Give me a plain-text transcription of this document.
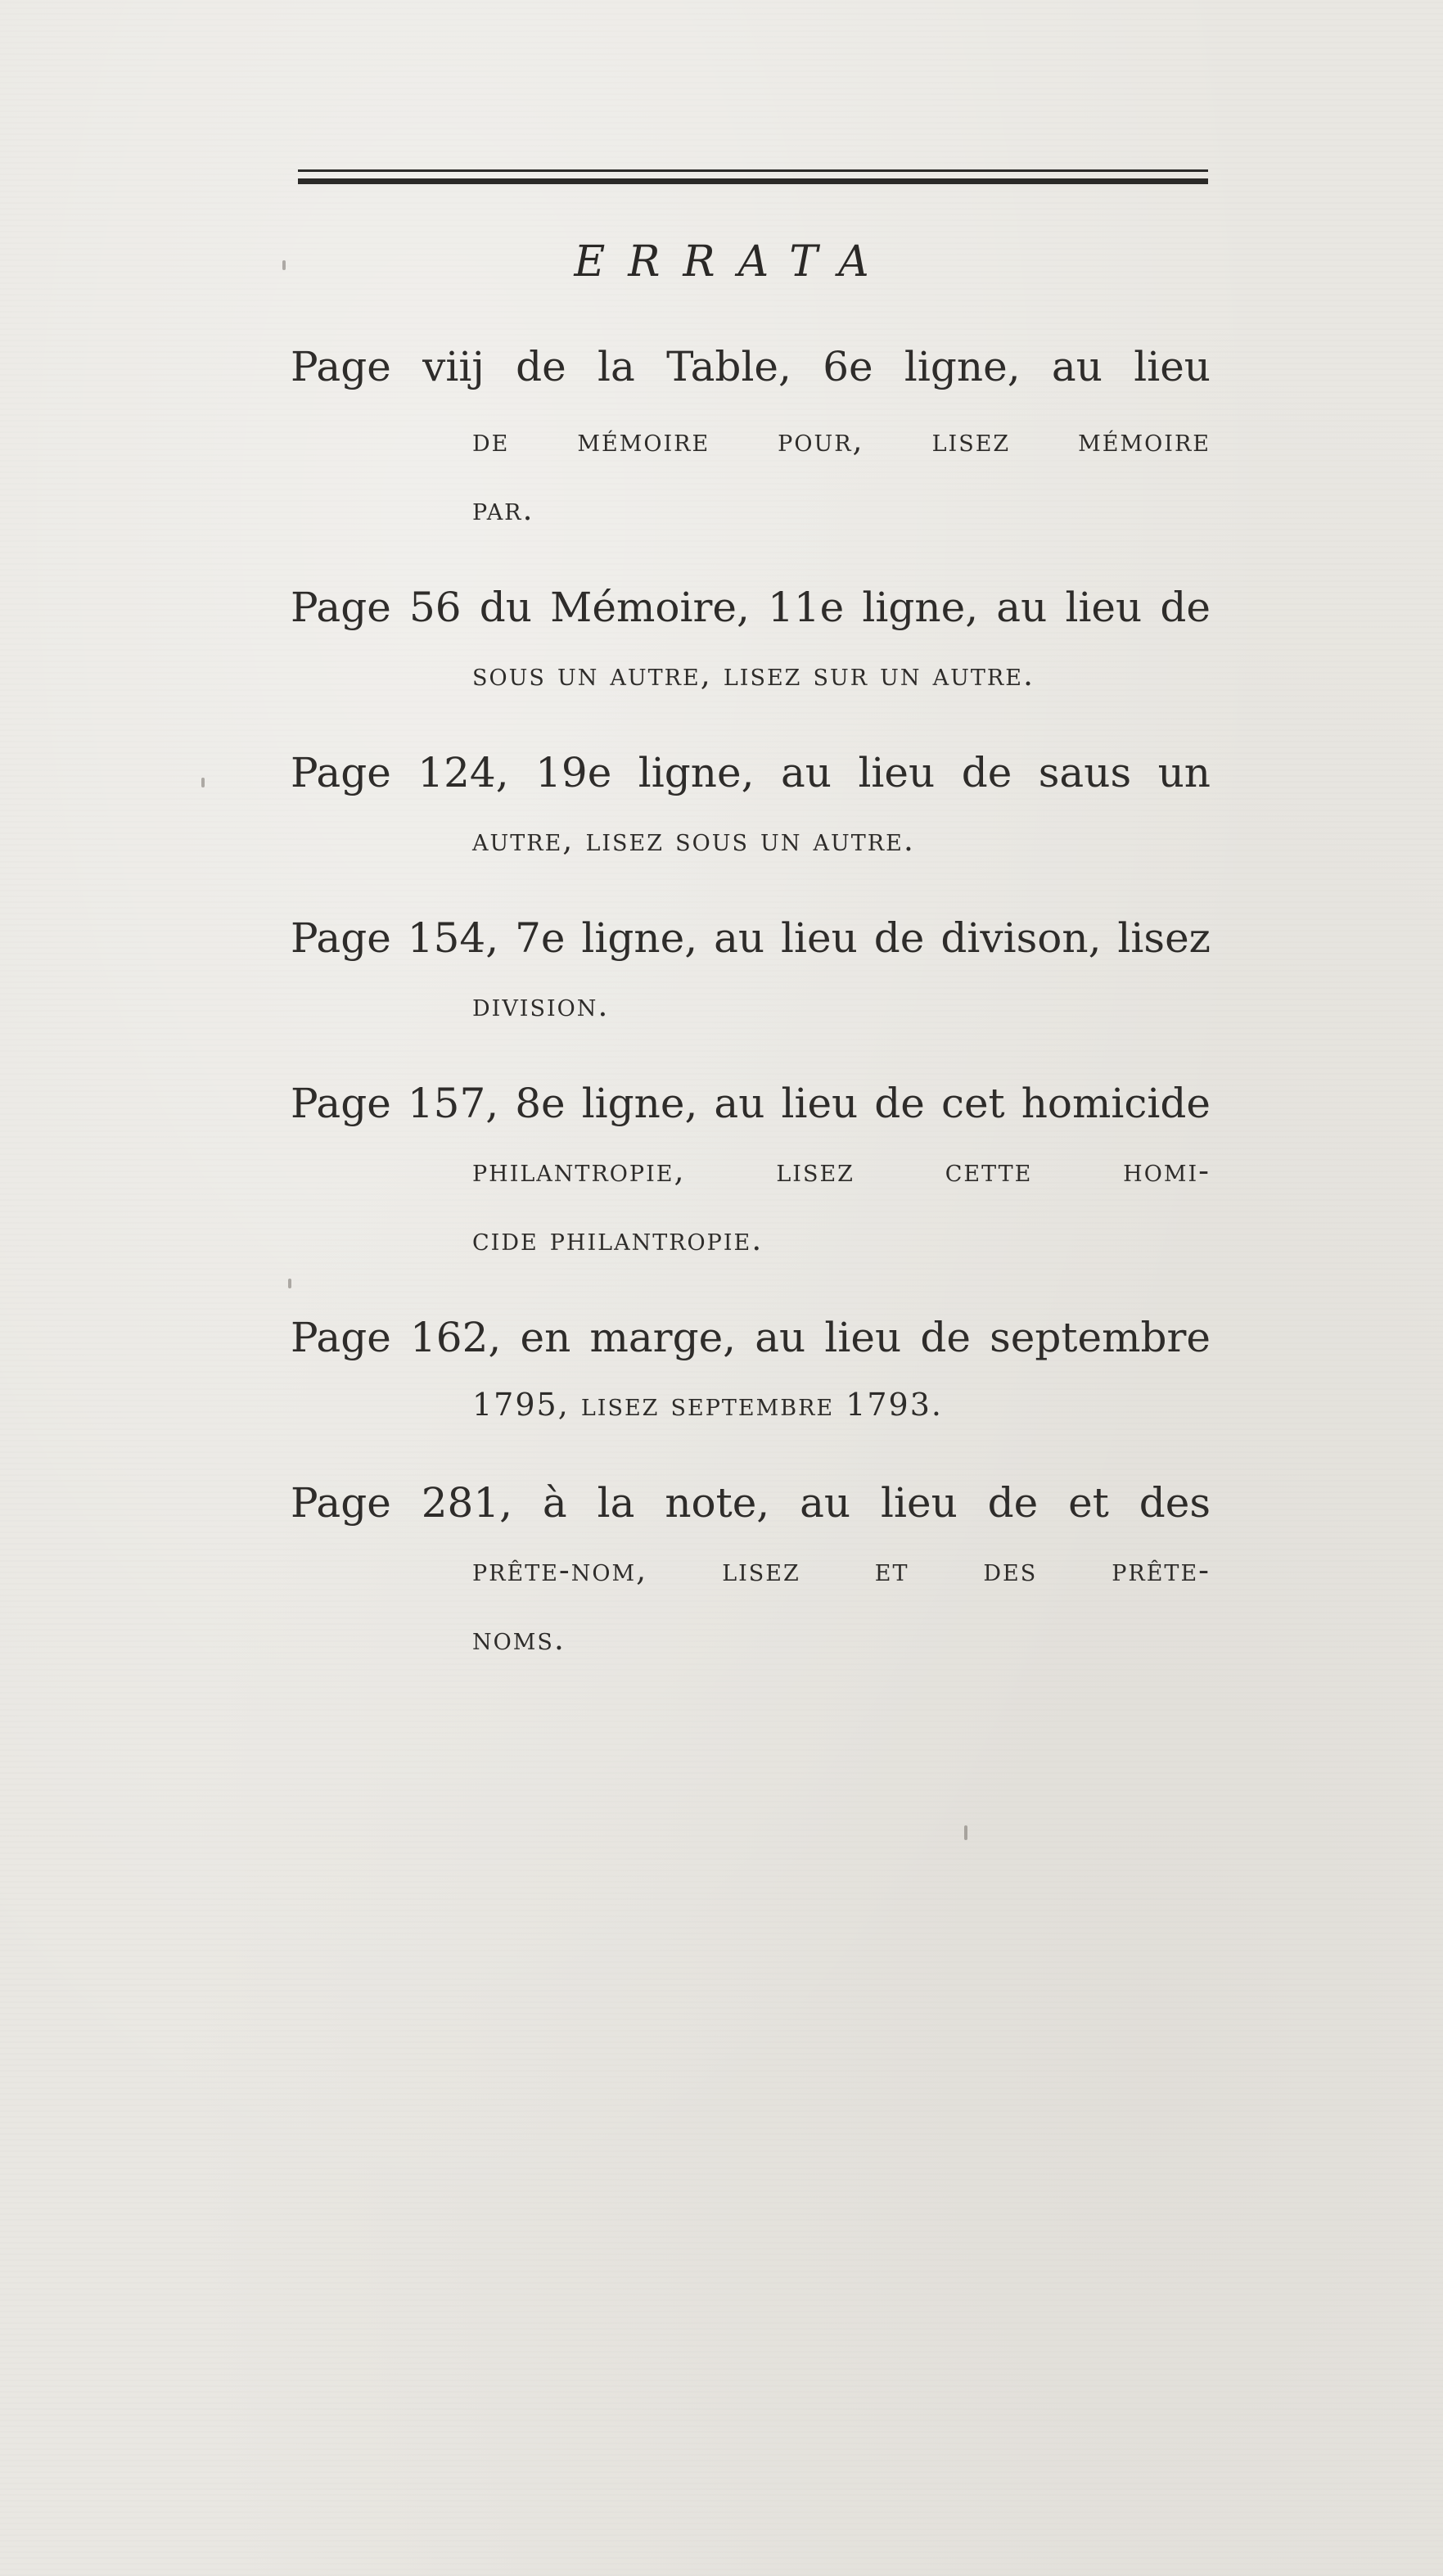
ERRATA
Page viij de la Table, 6e ligne, au lieu
de mémoire pour, lisez mémoire
par.
Page 56 du Mémoire, 11e ligne, au lieu de
sous un autre, lisez sur un autre.
Page 124, 19e ligne, au lieu de saus un
autre, lisez sous un autre.
Page 154, 7e ligne, au lieu de divison, lisez
division.
Page 157, 8e ligne, au lieu de cet homicide
philantropie, lisez cette homi-
cide philantropie.
Page 162, en marge, au lieu de septembre
1795, lisez septembre 1793.
Page 281, à la note, au lieu de et des
prête-nom, lisez et des prête-
noms.
